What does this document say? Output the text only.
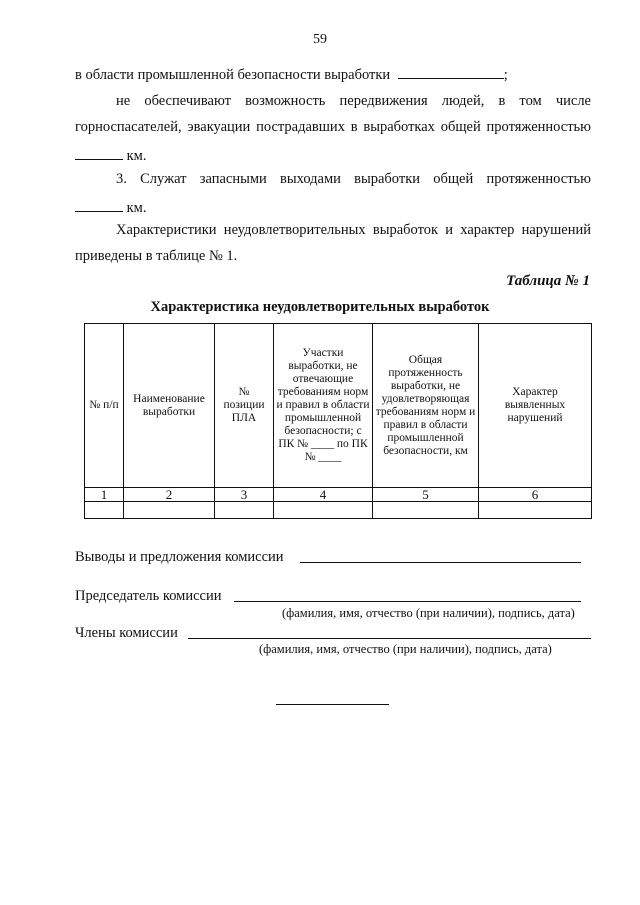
59
в области промышленной безопасности выработки	;
не обеспечивают возможность передвижения людей, в том числе
горноспасателей, эвакуации пострадавших в выработках общей протяженностью
км.
3. Служат запасными выходами выработки общей протяженностью
км.
Характеристики неудовлетворительных выработок и характер нарушений
приведены в таблице № 1.
Таблица № 1
Характеристика неудовлетворительных выработок
№ п/п	Наименование выработки	№ позиции ПЛА	Участки выработки, не отвечающие требованиям норм и правил в области промышленной безопасности; с ПК № ____ по ПК № ____	Общая протяженность выработки, не удовлетворяющая требованиям норм и правил в области промышленной безопасности, км	Характер выявленных нарушений
1	2	3	4	5	6

Выводы и предложения комиссии
Председатель комиссии
(фамилия, имя, отчество (при наличии), подпись, дата)
Члены комиссии
(фамилия, имя, отчество (при наличии), подпись, дата)
